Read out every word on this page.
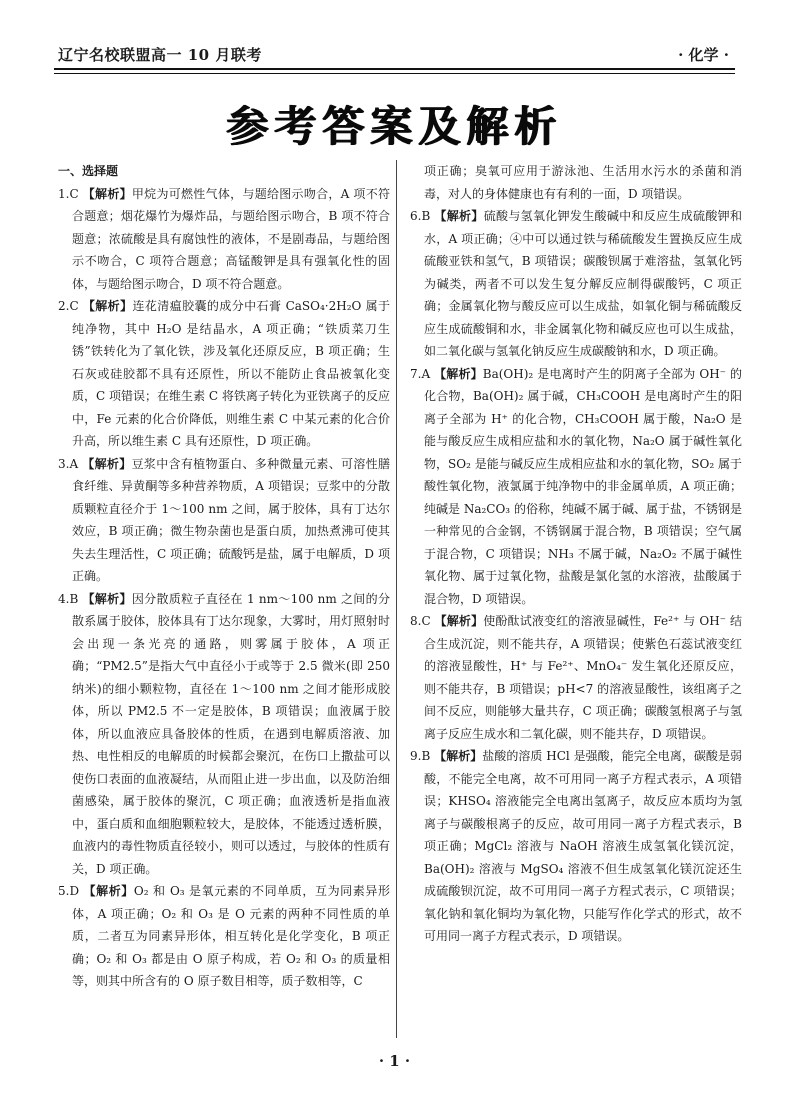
辽宁名校联盟高一 10 月联考	· 化学 ·
参考答案及解析
一、选择题
1.C 【解析】甲烷为可燃性气体，与题给图示吻合，A 项不符合题意；烟花爆竹为爆炸品，与题给图示吻合，B 项不符合题意；浓硫酸是具有腐蚀性的液体，不是剧毒品，与题给图示不吻合，C 项符合题意；高锰酸钾是具有强氧化性的固体，与题给图示吻合，D 项不符合题意。
2.C 【解析】连花清瘟胶囊的成分中石膏 CaSO₄·2H₂O 属于纯净物，其中 H₂O 是结晶水，A 项正确；“铁质菜刀生锈”铁转化为了氧化铁，涉及氧化还原反应，B 项正确；生石灰或硅胶都不具有还原性，所以不能防止食品被氧化变质，C 项错误；在维生素 C 将铁离子转化为亚铁离子的反应中，Fe 元素的化合价降低，则维生素 C 中某元素的化合价升高，所以维生素 C 具有还原性，D 项正确。
3.A 【解析】豆浆中含有植物蛋白、多种微量元素、可溶性膳食纤维、异黄酮等多种营养物质，A 项错误；豆浆中的分散质颗粒直径介于 1～100 nm 之间，属于胶体，具有丁达尔效应，B 项正确；微生物杂菌也是蛋白质，加热煮沸可使其失去生理活性，C 项正确；硫酸钙是盐，属于电解质，D 项正确。
4.B 【解析】因分散质粒子直径在 1 nm～100 nm 之间的分散系属于胶体，胶体具有丁达尔现象，大雾时，用灯照射时会出现一条光亮的通路，则雾属于胶体，A 项正确；“PM2.5”是指大气中直径小于或等于 2.5 微米(即 250 纳米)的细小颗粒物，直径在 1～100 nm 之间才能形成胶体，所以 PM2.5 不一定是胶体，B 项错误；血液属于胶体，所以血液应具备胶体的性质，在遇到电解质溶液、加热、电性相反的电解质的时候都会聚沉，在伤口上撒盐可以使伤口表面的血液凝结，从而阻止进一步出血，以及防治细菌感染，属于胶体的聚沉，C 项正确；血液透析是指血液中，蛋白质和血细胞颗粒较大，是胶体，不能透过透析膜，血液内的毒性物质直径较小，则可以透过，与胶体的性质有关，D 项正确。
5.D 【解析】O₂ 和 O₃ 是氧元素的不同单质，互为同素异形体，A 项正确；O₂ 和 O₃ 是 O 元素的两种不同性质的单质，二者互为同素异形体，相互转化是化学变化，B 项正确；O₂ 和 O₃ 都是由 O 原子构成，若 O₂ 和 O₃ 的质量相等，则其中所含有的 O 原子数目相等，质子数相等，C
项正确；臭氧可应用于游泳池、生活用水污水的杀菌和消毒，对人的身体健康也有有利的一面，D 项错误。
6.B 【解析】硫酸与氢氧化钾发生酸碱中和反应生成硫酸钾和水，A 项正确；④中可以通过铁与稀硫酸发生置换反应生成硫酸亚铁和氢气，B 项错误；碳酸钡属于难溶盐，氢氧化钙为碱类，两者不可以发生复分解反应制得碳酸钙，C 项正确；金属氧化物与酸反应可以生成盐，如氧化铜与稀硫酸反应生成硫酸铜和水，非金属氧化物和碱反应也可以生成盐，如二氧化碳与氢氧化钠反应生成碳酸钠和水，D 项正确。
7.A 【解析】Ba(OH)₂ 是电离时产生的阴离子全部为 OH⁻ 的化合物，Ba(OH)₂ 属于碱，CH₃COOH 是电离时产生的阳离子全部为 H⁺ 的化合物，CH₃COOH 属于酸，Na₂O 是能与酸反应生成相应盐和水的氧化物，Na₂O 属于碱性氧化物，SO₂ 是能与碱反应生成相应盐和水的氧化物，SO₂ 属于酸性氧化物，液氯属于纯净物中的非金属单质，A 项正确；纯碱是 Na₂CO₃ 的俗称，纯碱不属于碱、属于盐，不锈钢是一种常见的合金钢，不锈钢属于混合物，B 项错误；空气属于混合物，C 项错误；NH₃ 不属于碱，Na₂O₂ 不属于碱性氧化物、属于过氧化物，盐酸是氯化氢的水溶液，盐酸属于混合物，D 项错误。
8.C 【解析】使酚酞试液变红的溶液显碱性，Fe²⁺ 与 OH⁻ 结合生成沉淀，则不能共存，A 项错误；使紫色石蕊试液变红的溶液显酸性，H⁺ 与 Fe²⁺、MnO₄⁻ 发生氧化还原反应，则不能共存，B 项错误；pH<7 的溶液显酸性，该组离子之间不反应，则能够大量共存，C 项正确；碳酸氢根离子与氢离子反应生成水和二氧化碳，则不能共存，D 项错误。
9.B 【解析】盐酸的溶质 HCl 是强酸，能完全电离，碳酸是弱酸，不能完全电离，故不可用同一离子方程式表示，A 项错误；KHSO₄ 溶液能完全电离出氢离子，故反应本质均为氢离子与碳酸根离子的反应，故可用同一离子方程式表示，B 项正确；MgCl₂ 溶液与 NaOH 溶液生成氢氧化镁沉淀，Ba(OH)₂ 溶液与 MgSO₄ 溶液不但生成氢氧化镁沉淀还生成硫酸钡沉淀，故不可用同一离子方程式表示，C 项错误；氧化钠和氧化铜均为氧化物，只能写作化学式的形式，故不可用同一离子方程式表示，D 项错误。
· 1 ·
